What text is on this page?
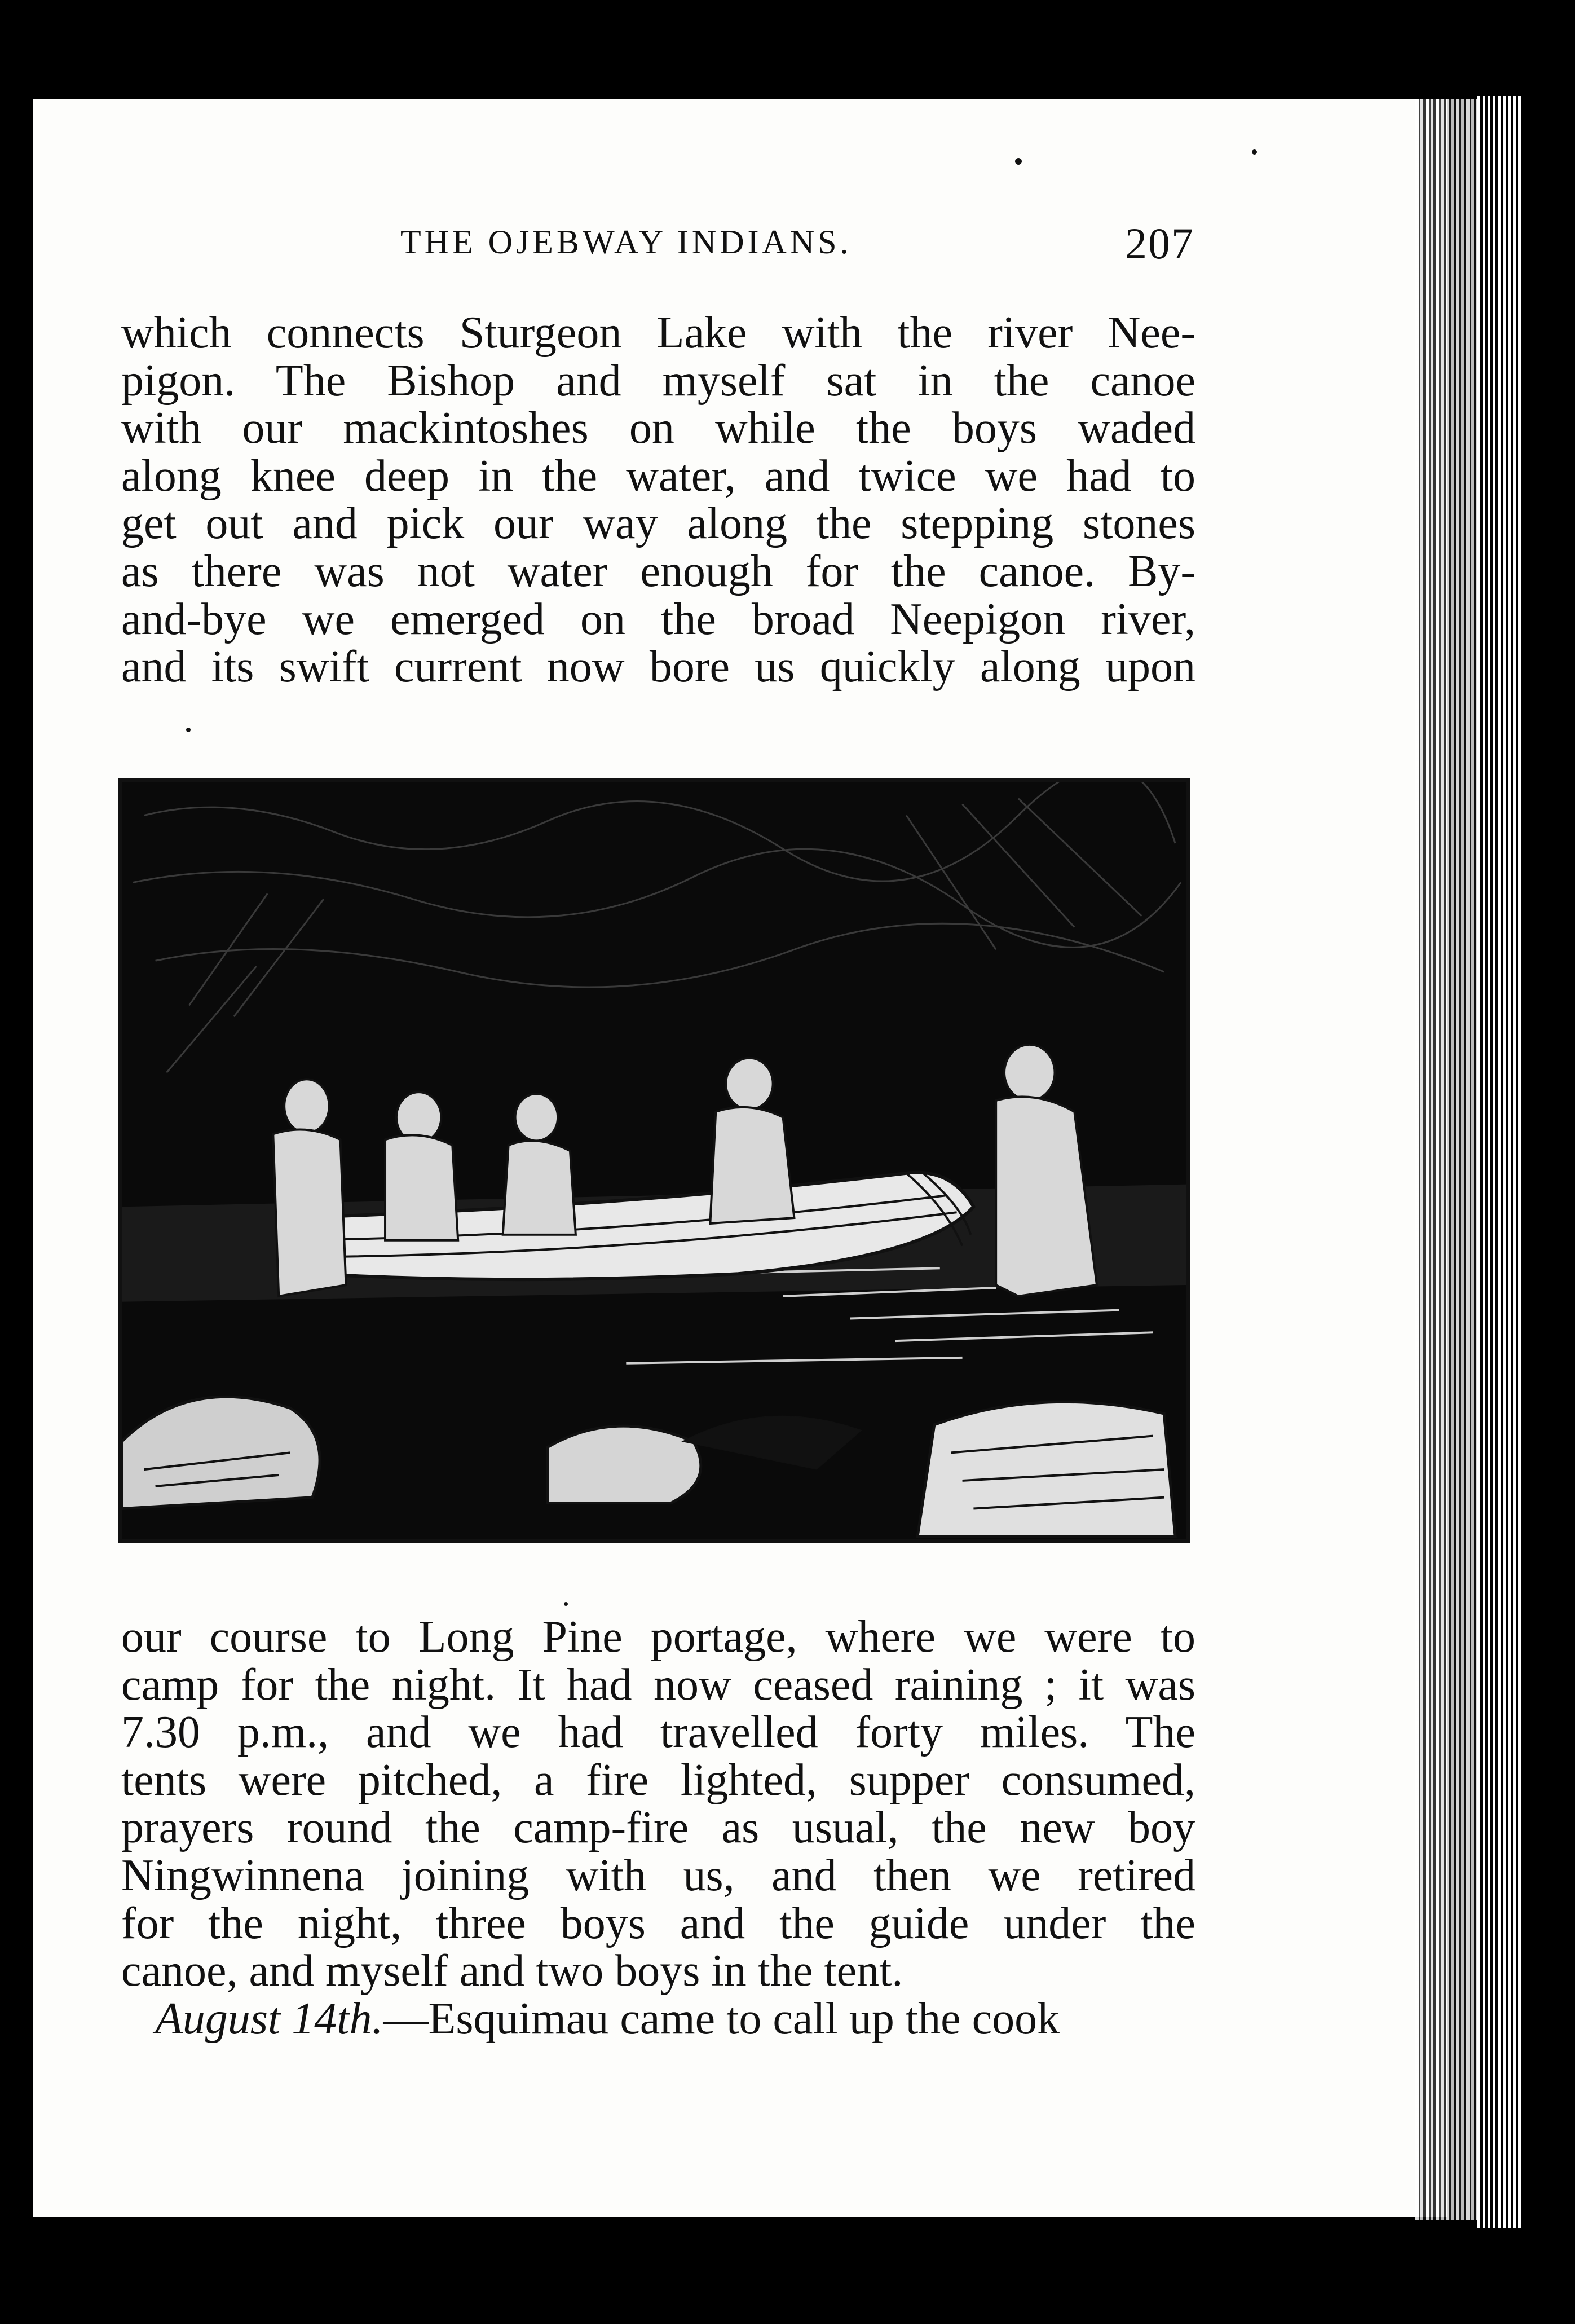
THE OJEBWAY INDIANS.	207
which connects Sturgeon Lake with the river Nee-
pigon. The Bishop and myself sat in the canoe
with our mackintoshes on while the boys waded
along knee deep in the water, and twice we had to
get out and pick our way along the stepping stones
as there was not water enough for the canoe. By-
and-bye we emerged on the broad Neepigon river,
and its swift current now bore us quickly along upon
our course to Long Pine portage, where we were to
camp for the night. It had now ceased raining ; it was
7.30 p.m., and we had travelled forty miles. The
tents were pitched, a fire lighted, supper consumed,
prayers round the camp-fire as usual, the new boy
Ningwinnena joining with us, and then we retired
for the night, three boys and the guide under the
canoe, and myself and two boys in the tent.
August 14th.—Esquimau came to call up the cook
